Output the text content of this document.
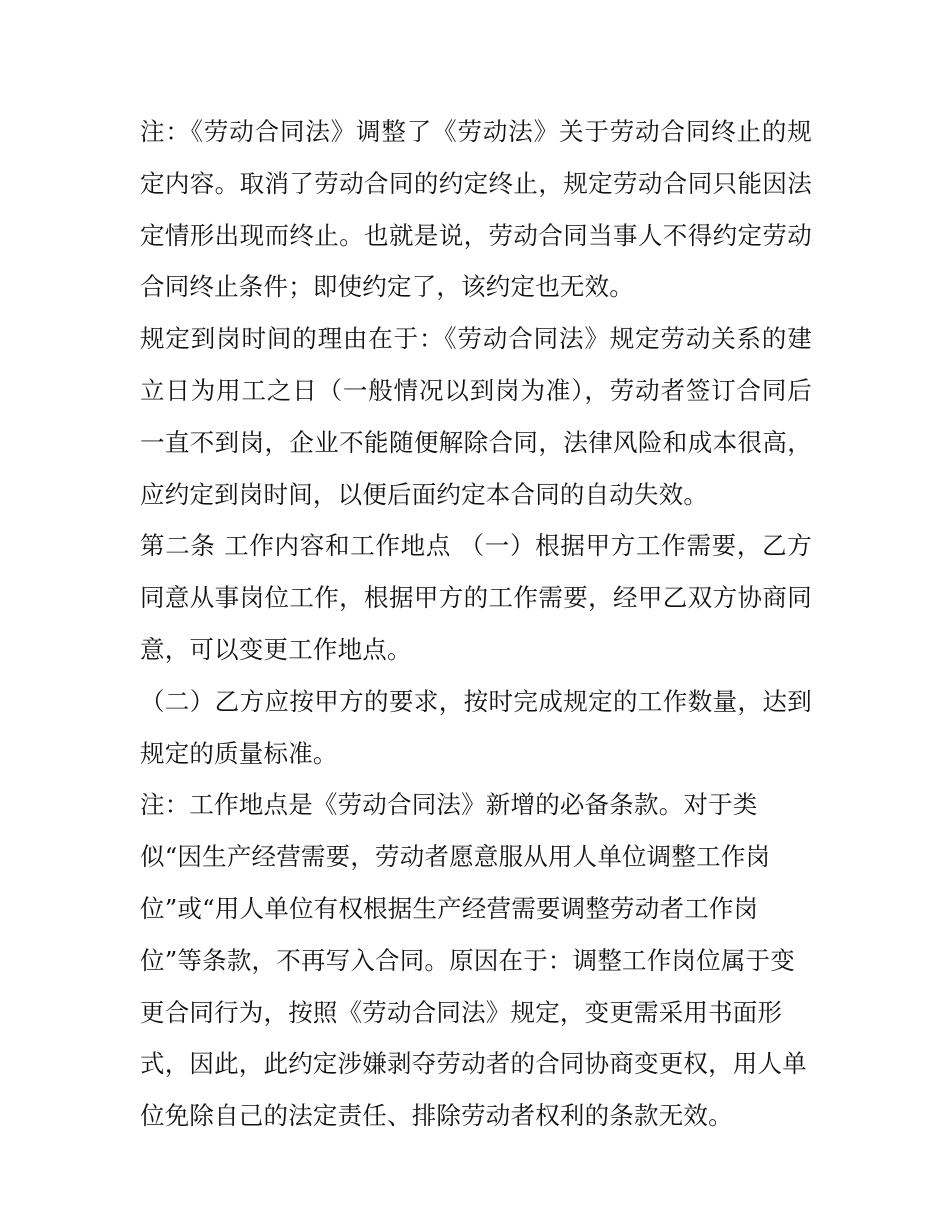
注：《劳动合同法》调整了《劳动法》关于劳动合同终止的规
定内容。取消了劳动合同的约定终止，规定劳动合同只能因法
定情形出现而终止。也就是说，劳动合同当事人不得约定劳动
合同终止条件；即使约定了，该约定也无效。

规定到岗时间的理由在于：《劳动合同法》规定劳动关系的建
立日为用工之日（一般情况以到岗为准），劳动者签订合同后
一直不到岗，企业不能随便解除合同，法律风险和成本很高，
应约定到岗时间，以便后面约定本合同的自动失效。

第二条 工作内容和工作地点 （一）根据甲方工作需要，乙方
同意从事岗位工作，根据甲方的工作需要，经甲乙双方协商同
意，可以变更工作地点。

（二）乙方应按甲方的要求，按时完成规定的工作数量，达到
规定的质量标准。

注：工作地点是《劳动合同法》新增的必备条款。对于类
似“因生产经营需要，劳动者愿意服从用人单位调整工作岗
位”或“用人单位有权根据生产经营需要调整劳动者工作岗
位”等条款，不再写入合同。原因在于：调整工作岗位属于变
更合同行为，按照《劳动合同法》规定，变更需采用书面形
式，因此，此约定涉嫌剥夺劳动者的合同协商变更权，用人单
位免除自己的法定责任、排除劳动者权利的条款无效。
